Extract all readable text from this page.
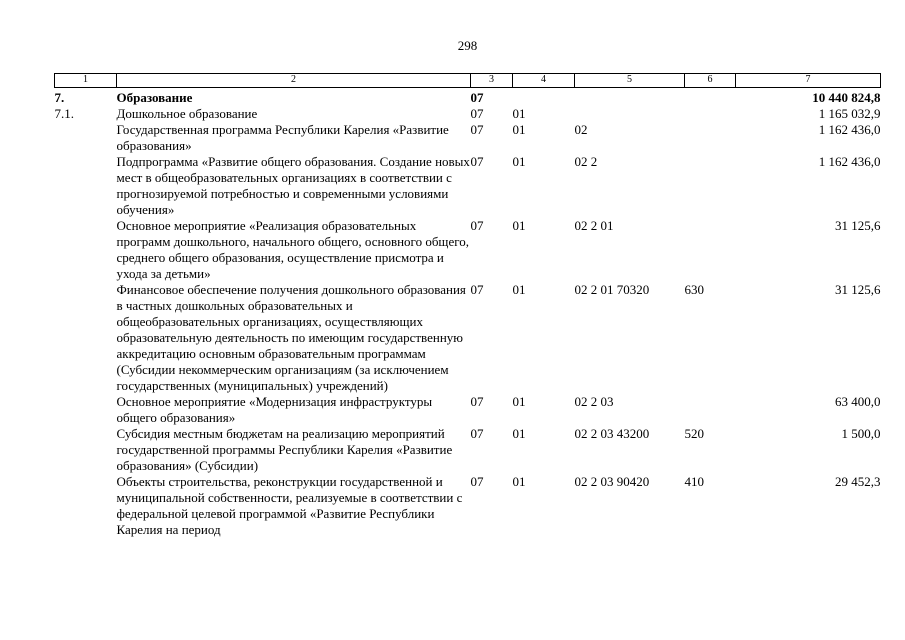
298
1	2	3	4	5	6	7
7.	Образование	07				10 440 824,8
7.1.	Дошкольное образование	07	01			1 165 032,9
	Государственная программа Республики Карелия «Развитие образования»	07	01	02		1 162 436,0
	Подпрограмма «Развитие общего образования. Создание новых мест в общеобразовательных организациях в соответствии с прогнозируемой потребностью и современными условиями обучения»	07	01	02 2		1 162 436,0
	Основное мероприятие «Реализация образовательных программ дошкольного, начального общего, основного общего, среднего общего образования, осуществление присмотра и ухода за детьми»	07	01	02 2 01		31 125,6
	Финансовое обеспечение получения дошкольного образования в частных дошкольных образовательных и общеобразовательных организациях, осуществляющих образовательную деятельность по имеющим государственную аккредитацию основным образовательным программам (Субсидии некоммерческим организациям (за исключением государственных (муниципальных) учреждений)	07	01	02 2 01 70320	630	31 125,6
	Основное мероприятие «Модернизация инфраструктуры общего образования»	07	01	02 2 03		63 400,0
	Субсидия местным бюджетам на реализацию мероприятий государственной программы Республики Карелия «Развитие образования» (Субсидии)	07	01	02 2 03 43200	520	1 500,0
	Объекты строительства, реконструкции государственной и муниципальной собственности, реализуемые в соответствии с федеральной целевой программой «Развитие Республики Карелия на период	07	01	02 2 03 90420	410	29 452,3
